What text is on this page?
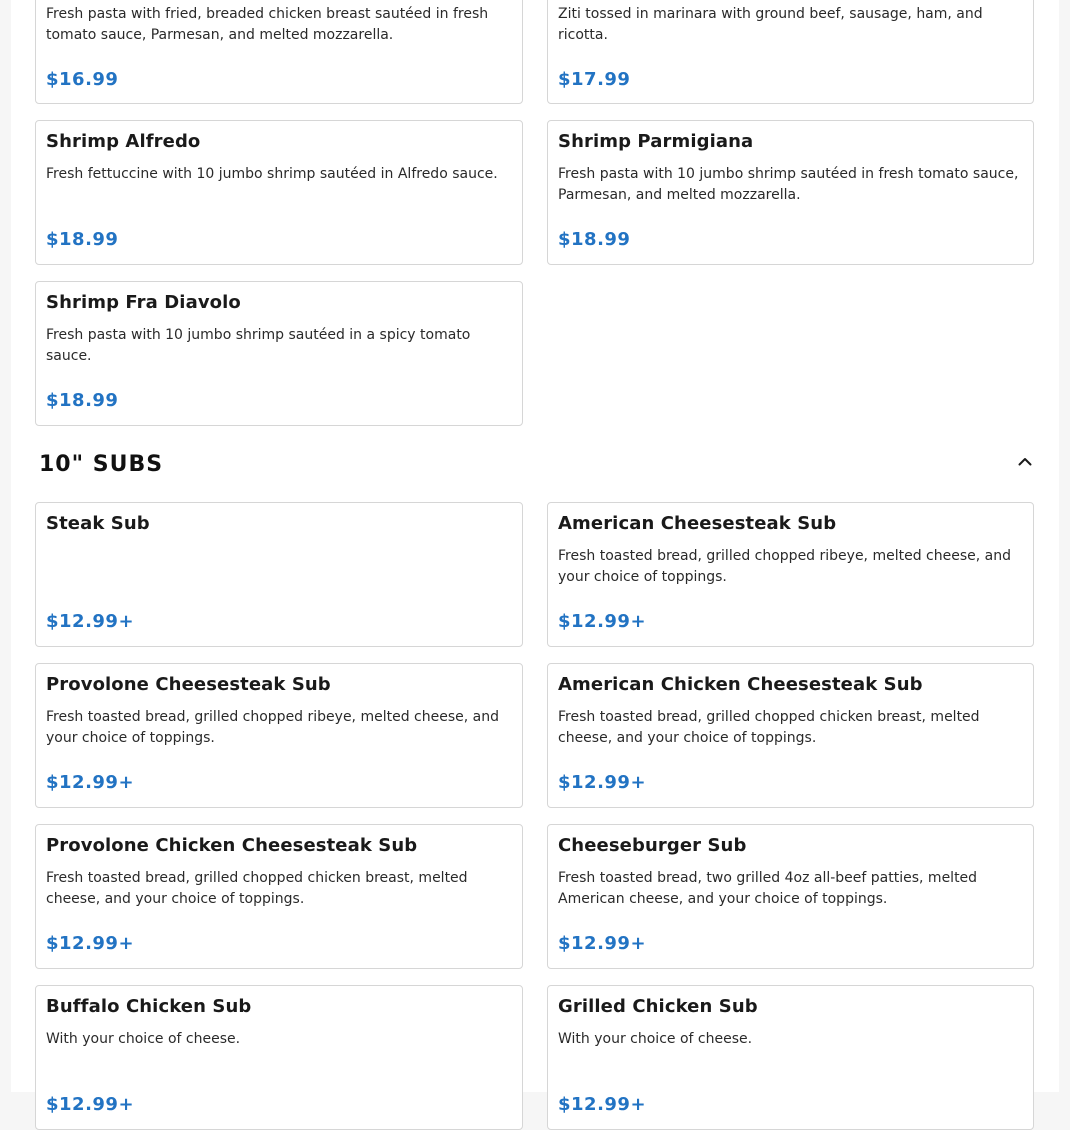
Fresh pasta with fried, breaded chicken breast sautéed in fresh tomato sauce, Parmesan, and melted mozzarella.
$16.99
Ziti tossed in marinara with ground beef, sausage, ham, and ricotta.
$17.99
Shrimp Alfredo
Fresh fettuccine with 10 jumbo shrimp sautéed in Alfredo sauce.
$18.99
Shrimp Parmigiana
Fresh pasta with 10 jumbo shrimp sautéed in fresh tomato sauce, Parmesan, and melted mozzarella.
$18.99
Shrimp Fra Diavolo
Fresh pasta with 10 jumbo shrimp sautéed in a spicy tomato sauce.
$18.99
10" SUBS
Steak Sub
$12.99+
American Cheesesteak Sub
Fresh toasted bread, grilled chopped ribeye, melted cheese, and your choice of toppings.
$12.99+
Provolone Cheesesteak Sub
Fresh toasted bread, grilled chopped ribeye, melted cheese, and your choice of toppings.
$12.99+
American Chicken Cheesesteak Sub
Fresh toasted bread, grilled chopped chicken breast, melted cheese, and your choice of toppings.
$12.99+
Provolone Chicken Cheesesteak Sub
Fresh toasted bread, grilled chopped chicken breast, melted cheese, and your choice of toppings.
$12.99+
Cheeseburger Sub
Fresh toasted bread, two grilled 4oz all-beef patties, melted American cheese, and your choice of toppings.
$12.99+
Buffalo Chicken Sub
With your choice of cheese.
$12.99+
Grilled Chicken Sub
With your choice of cheese.
$12.99+
